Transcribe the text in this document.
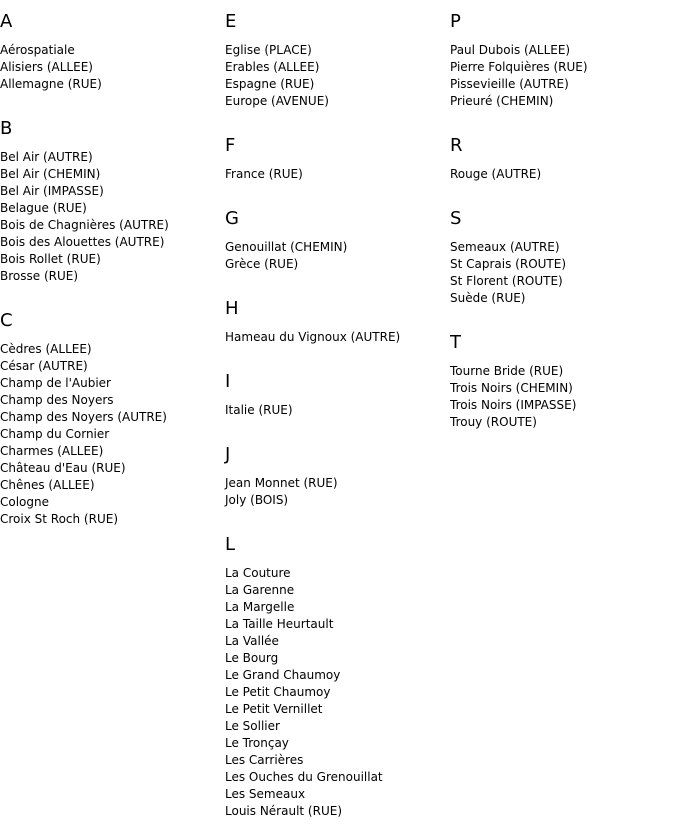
A
Aérospatiale
Alisiers (ALLEE)
Allemagne (RUE)
B
Bel Air (AUTRE)
Bel Air (CHEMIN)
Bel Air (IMPASSE)
Belague (RUE)
Bois de Chagnières (AUTRE)
Bois des Alouettes (AUTRE)
Bois Rollet (RUE)
Brosse (RUE)
C
Cèdres (ALLEE)
César (AUTRE)
Champ de l'Aubier
Champ des Noyers
Champ des Noyers (AUTRE)
Champ du Cornier
Charmes (ALLEE)
Château d'Eau (RUE)
Chênes (ALLEE)
Cologne
Croix St Roch (RUE)
E
Eglise (PLACE)
Erables (ALLEE)
Espagne (RUE)
Europe (AVENUE)
F
France (RUE)
G
Genouillat (CHEMIN)
Grèce (RUE)
H
Hameau du Vignoux (AUTRE)
I
Italie (RUE)
J
Jean Monnet (RUE)
Joly (BOIS)
L
La Couture
La Garenne
La Margelle
La Taille Heurtault
La Vallée
Le Bourg
Le Grand Chaumoy
Le Petit Chaumoy
Le Petit Vernillet
Le Sollier
Le Tronçay
Les Carrières
Les Ouches du Grenouillat
Les Semeaux
Louis Nérault (RUE)
P
Paul Dubois (ALLEE)
Pierre Folquières (RUE)
Pissevieille (AUTRE)
Prieuré (CHEMIN)
R
Rouge (AUTRE)
S
Semeaux (AUTRE)
St Caprais (ROUTE)
St Florent (ROUTE)
Suède (RUE)
T
Tourne Bride (RUE)
Trois Noirs (CHEMIN)
Trois Noirs (IMPASSE)
Trouy (ROUTE)
